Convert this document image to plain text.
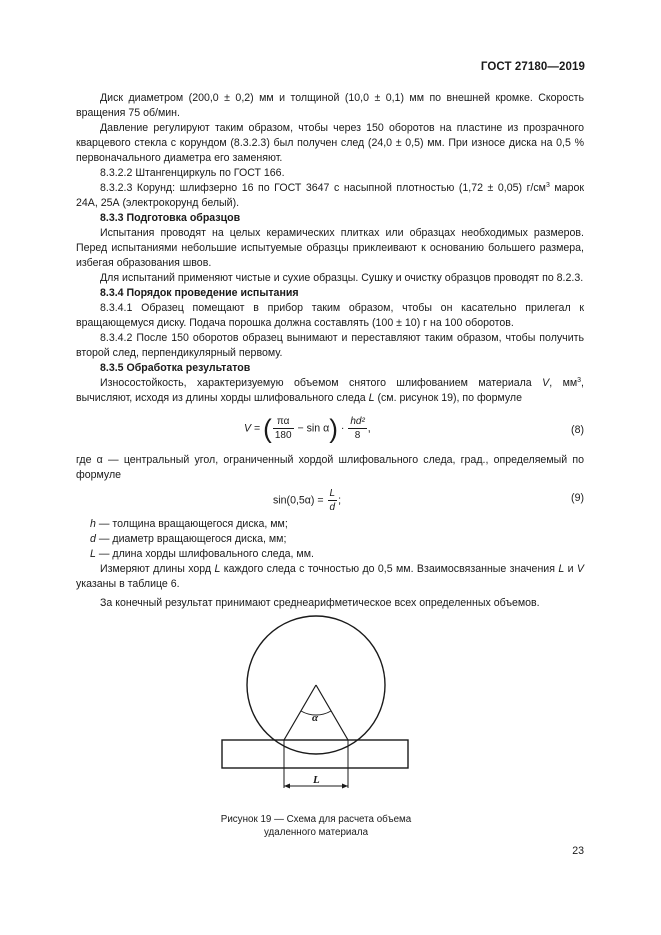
ГОСТ 27180—2019

Диск диаметром (200,0 ± 0,2) мм и толщиной (10,0 ± 0,1) мм по внешней кромке. Скорость вращения 75 об/мин.

Давление регулируют таким образом, чтобы через 150 оборотов на пластине из прозрачного кварцевого стекла с корундом (8.3.2.3) был получен след (24,0 ± 0,5) мм. При износе диска на 0,5 % первоначального диаметра его заменяют.

8.3.2.2 Штангенциркуль по ГОСТ 166.

8.3.2.3 Корунд: шлифзерно 16 по ГОСТ 3647 с насыпной плотностью (1,72 ± 0,05) $г/см^3$ марок 24А, 25А (электрокорунд белый).

8.3.3 Подготовка образцов

Испытания проводят на целых керамических плитках или образцах необходимых размеров. Перед испытаниями небольшие испытуемые образцы приклеивают к основанию большего размера, избегая образования швов.

Для испытаний применяют чистые и сухие образцы. Сушку и очистку образцов проводят по 8.2.3.

8.3.4 Порядок проведение испытания

8.3.4.1 Образец помещают в прибор таким образом, чтобы он касательно прилегал к вращающемуся диску. Подача порошка должна составлять (100 ± 10) г на 100 оборотов.

8.3.4.2 После 150 оборотов образец вынимают и переставляют таким образом, чтобы получить второй след, перпендикулярный первому.

8.3.5 Обработка результатов

Износостойкость, характеризуемую объемом снятого шлифованием материала V, $мм^3$, вычисляют, исходя из длины хорды шлифовального следа L (см. рисунок 19), по формуле

V = ( $\frac{\pi\alpha}{180} - \sin \alpha) \cdot \frac{\text{hd²}}{8}$ ,	(8)

где α — центральный угол, ограниченный хордой шлифовального следа, град., определяемый по формуле

$\sin(0,5\alpha) = \frac{L}{d}$ ;	(9)

h — толщина вращающегося диска, мм;

d — диаметр вращающегося диска, мм;

L — длина хорды шлифовального следа, мм.

Измеряют длины хорд L каждого следа с точностью до 0,5 мм. Взаимосвязанные значения L и V указаны в таблице 6.

За конечный результат принимают среднеарифметическое всех определенных объемов.

α
L
Рисунок 19 — Схема для расчета объема
удаленного материала
23
